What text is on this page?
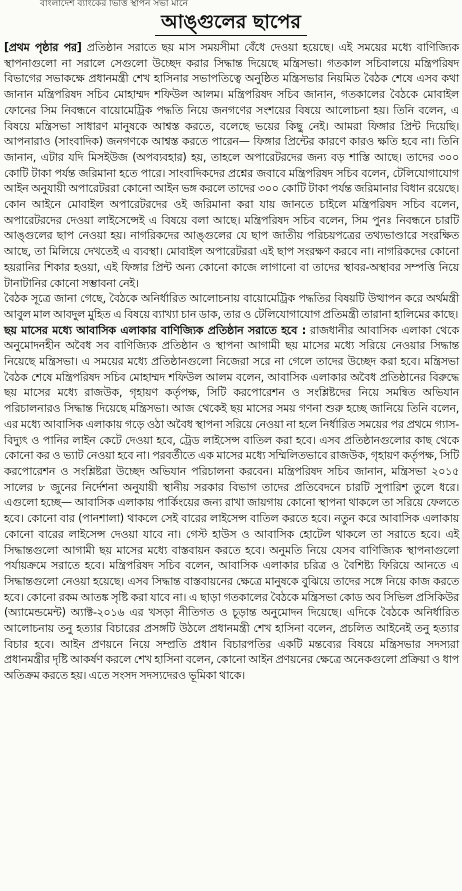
বাংলাদেশ ব্যাংকের ভিত্তি স্থাপন সভা মানে
আঙ্গুলের ছাপের

[প্রথম পৃষ্ঠার পর] প্রতিষ্ঠান সরাতে ছয় মাস সময়সীমা বেঁধে দেওয়া হয়েছে। এই সময়ের মধ্যে বাণিজ্যিক স্থাপনাগুলো না সরালে সেগুলো উচ্ছেদ করার সিদ্ধান্ত দিয়েছে মন্ত্রিসভা। গতকাল সচিবালয়ে মন্ত্রিপরিষদ বিভাগের সভাকক্ষে প্রধানমন্ত্রী শেখ হাসিনার সভাপতিত্বে অনুষ্ঠিত মন্ত্রিসভার নিয়মিত বৈঠক শেষে এসব কথা জানান মন্ত্রিপরিষদ সচিব মোহাম্মদ শফিউল আলম। মন্ত্রিপরিষদ সচিব জানান, গতকালের বৈঠকে মোবাইল ফোনের সিম নিবন্ধনে বায়োমেট্রিক পদ্ধতি নিয়ে জনগণের সংশয়ের বিষয়ে আলোচনা হয়। তিনি বলেন, এ বিষয়ে মন্ত্রিসভা সাধারণ মানুষকে আশ্বস্ত করতে, বলেছে ভয়ের কিছু নেই। আমরা ফিঙ্গার প্রিন্ট দিয়েছি। আপনারাও (সাংবাদিক) জনগণকে আশ্বস্ত করতে পারেন— ফিঙ্গার প্রিন্টের কারণে কারও ক্ষতি হবে না। তিনি জানান, এটার যদি মিসইউজ (অপব্যবহার) হয়, তাহলে অপারেটরদের জন্য বড় শাস্তি আছে। তাদের ৩০০ কোটি টাকা পর্যন্ত জরিমানা হতে পারে। সাংবাদিকদের প্রশ্নের জবাবে মন্ত্রিপরিষদ সচিব বলেন, টেলিযোগাযোগ আইন অনুযায়ী অপারেটররা কোনো আইন ভঙ্গ করলে তাদের ৩০০ কোটি টাকা পর্যন্ত জরিমানার বিধান রয়েছে। কোন আইনে মোবাইল অপারেটরদের ওই জরিমানা করা যায় জানতে চাইলে মন্ত্রিপরিষদ সচিব বলেন, অপারেটরদের দেওয়া লাইসেন্সেই এ বিষয়ে বলা আছে। মন্ত্রিপরিষদ সচিব বলেন, সিম পুনঃ নিবন্ধনে চারটি আঙ্গুলের ছাপ নেওয়া হয়। নাগরিকদের আঙ্গুলের যে ছাপ জাতীয় পরিচয়পত্রের তথ্যভাণ্ডারে সংরক্ষিত আছে, তা মিলিয়ে দেখতেই এ ব্যবস্থা। মোবাইল অপারেটররা এই ছাপ সংরক্ষণ করবে না। নাগরিকদের কোনো হয়রানির শিকার হওয়া, এই ফিঙ্গার প্রিন্ট অন্য কোনো কাজে লাগানো বা তাদের স্থাবর-অস্থাবর সম্পত্তি নিয়ে টানাটানির কোনো সম্ভাবনা নেই।

বৈঠক সূত্রে জানা গেছে, বৈঠকে অনির্ধারিত আলোচনায় বায়োমেট্রিক পদ্ধতির বিষয়টি উত্থাপন করে অর্থমন্ত্রী আবুল মাল আবদুল মুহিত এ বিষয়ে ব্যাখ্যা চান ডাক, তার ও টেলিযোগাযোগ প্রতিমন্ত্রী তারানা হালিমের কাছে।

ছয় মাসের মধ্যে আবাসিক এলাকার বাণিজ্যিক প্রতিষ্ঠান সরাতে হবে : রাজধানীর আবাসিক এলাকা থেকে অনুমোদনহীন অবৈধ সব বাণিজ্যিক প্রতিষ্ঠান ও স্থাপনা আগামী ছয় মাসের মধ্যে সরিয়ে নেওয়ার সিদ্ধান্ত নিয়েছে মন্ত্রিসভা। এ সময়ের মধ্যে প্রতিষ্ঠানগুলো নিজেরা সরে না গেলে তাদের উচ্ছেদ করা হবে। মন্ত্রিসভা বৈঠক শেষে মন্ত্রিপরিষদ সচিব মোহাম্মদ শফিউল আলম বলেন, আবাসিক এলাকার অবৈধ প্রতিষ্ঠানের বিরুদ্ধে ছয় মাসের মধ্যে রাজউক, গৃহায়ণ কর্তৃপক্ষ, সিটি করপোরেশন ও সংশ্লিষ্টদের নিয়ে সমন্বিত অভিযান পরিচালনারও সিদ্ধান্ত দিয়েছে মন্ত্রিসভা। আজ থেকেই ছয় মাসের সময় গণনা শুরু হচ্ছে জানিয়ে তিনি বলেন, এর মধ্যে আবাসিক এলাকায় গড়ে ওঠা অবৈধ স্থাপনা সরিয়ে নেওয়া না হলে নির্ধারিত সময়ের পর প্রথমে গ্যাস-বিদ্যুৎ ও পানির লাইন কেটে দেওয়া হবে, ট্রেড লাইসেন্স বাতিল করা হবে। এসব প্রতিষ্ঠানগুলোর কাছ থেকে কোনো কর ও ভ্যাট নেওয়া হবে না। পরবর্তীতে এক মাসের মধ্যে সম্মিলিতভাবে রাজউক, গৃহায়ণ কর্তৃপক্ষ, সিটি করপোরেশন ও সংশ্লিষ্টরা উচ্ছেদ অভিযান পরিচালনা করবেন। মন্ত্রিপরিষদ সচিব জানান, মন্ত্রিসভা ২০১৫ সালের ৮ জুনের নির্দেশনা অনুযায়ী স্থানীয় সরকার বিভাগ তাদের প্রতিবেদনে চারটি সুপারিশ তুলে ধরে। এগুলো হচ্ছে— আবাসিক এলাকায় পার্কিংয়ের জন্য রাখা জায়গায় কোনো স্থাপনা থাকলে তা সরিয়ে ফেলতে হবে। কোনো বার (পানশালা) থাকলে সেই বারের লাইসেন্স বাতিল করতে হবে। নতুন করে আবাসিক এলাকায় কোনো বারের লাইসেন্স দেওয়া যাবে না। গেস্ট হাউস ও আবাসিক হোটেল থাকলে তা সরাতে হবে। এই সিদ্ধান্তগুলো আগামী ছয় মাসের মধ্যে বাস্তবায়ন করতে হবে। অনুমতি নিয়ে যেসব বাণিজ্যিক স্থাপনাগুলো পর্যায়ক্রমে সরাতে হবে। মন্ত্রিপরিষদ সচিব বলেন, আবাসিক এলাকার চরিত্র ও বৈশিষ্ট্য ফিরিয়ে আনতে এ সিদ্ধান্তগুলো নেওয়া হয়েছে। এসব সিদ্ধান্ত বাস্তবায়নের ক্ষেত্রে মানুষকে বুঝিয়ে তাদের সঙ্গে নিয়ে কাজ করতে হবে। কোনো রকম আতঙ্ক সৃষ্টি করা যাবে না। এ ছাড়া গতকালের বৈঠকে মন্ত্রিসভা কোড অব সিভিল প্রসিকিউর (অ্যামেন্ডমেন্ট) অ্যাক্ট-২০১৬ এর খসড়া নীতিগত ও চূড়ান্ত অনুমোদন দিয়েছে। এদিকে বৈঠকে অনির্ধারিত আলোচনায় তনু হত্যার বিচারের প্রসঙ্গটি উঠলে প্রধানমন্ত্রী শেখ হাসিনা বলেন, প্রচলিত আইনেই তনু হত্যার বিচার হবে। আইন প্রণয়নে নিয়ে সম্প্রতি প্রধান বিচারপতির একটি মন্তব্যের বিষয়ে মন্ত্রিসভার সদস্যরা প্রধানমন্ত্রীর দৃষ্টি আকর্ষণ করলে শেখ হাসিনা বলেন, কোনো আইন প্রণয়নের ক্ষেত্রে অনেকগুলো প্রক্রিয়া ও ধাপ অতিক্রম করতে হয়। এতে সংসদ সদস্যদেরও ভূমিকা থাকে।
